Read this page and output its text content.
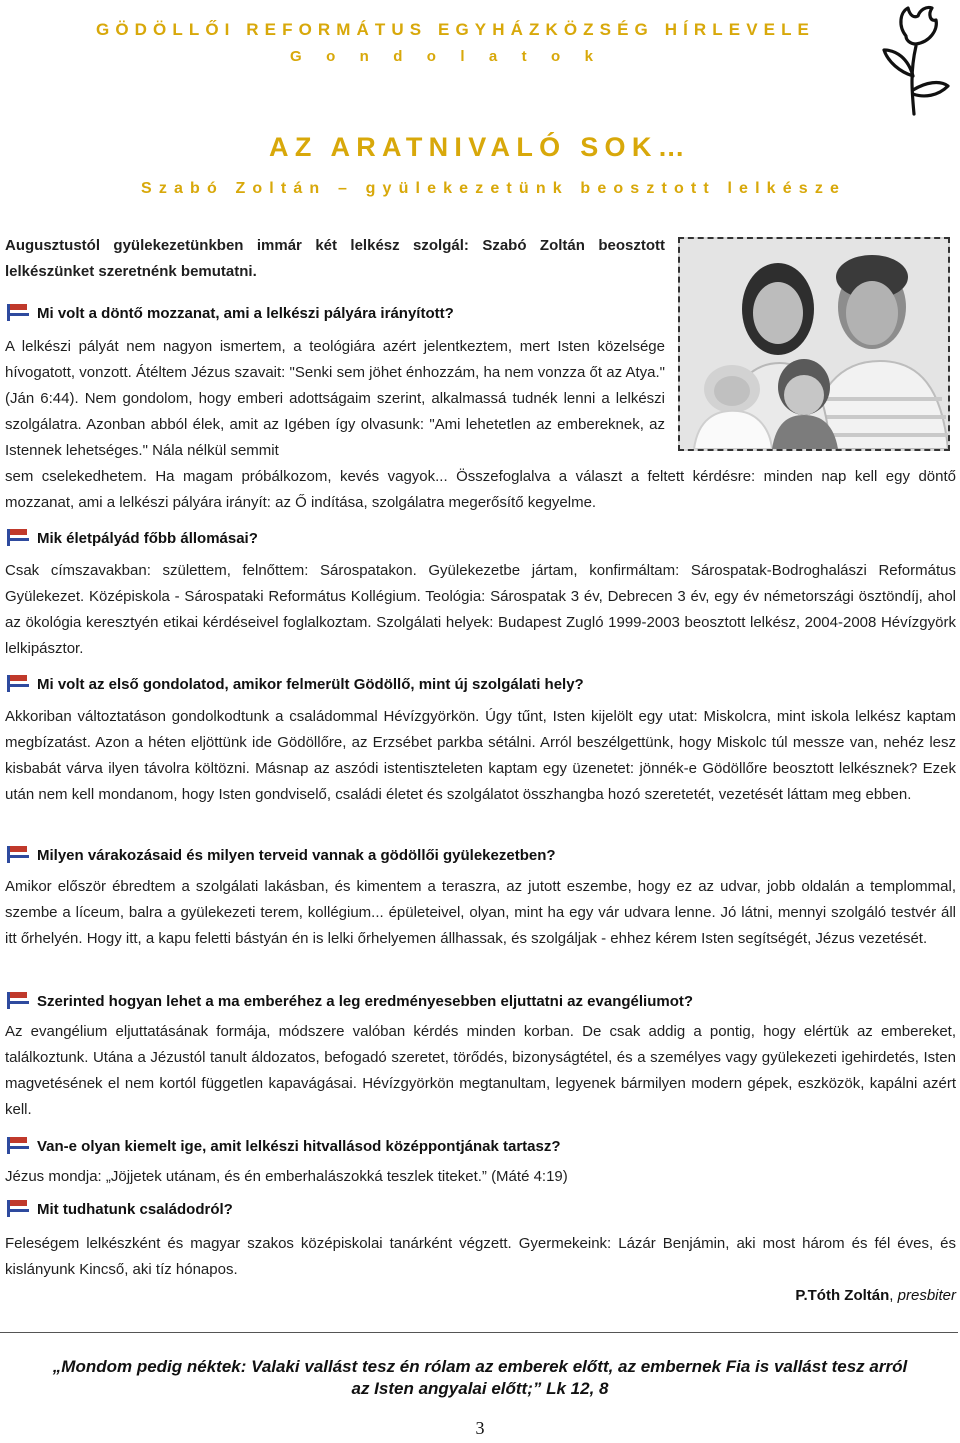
GÖDÖLLŐI REFORMÁTUS EGYHÁZKÖZSÉG HÍRLEVELE
Gondolatok
AZ ARATNIVALÓ SOK…
Szabó Zoltán – gyülekezetünk beosztott lelkésze

Augusztustól gyülekezetünkben immár két lelkész szolgál: Szabó Zoltán beosztott lelkészünket szeretnénk bemutatni.

Mi volt a döntő mozzanat, ami a lelkészi pályára irányított?

A lelkészi pályát nem nagyon ismertem, a teológiára azért jelentkeztem, mert Isten közelsége hívogatott, vonzott. Átéltem Jézus szavait: "Senki sem jöhet énhozzám, ha nem vonzza őt az Atya." (Ján 6:44). Nem gondolom, hogy emberi adottságaim szerint, alkalmassá tudnék lenni a lelkészi szolgálatra. Azonban abból élek, amit az Igében így olvasunk: "Ami lehetetlen az embereknek, az Istennek lehetséges." Nála nélkül semmit

sem cselekedhetem. Ha magam próbálkozom, kevés vagyok... Összefoglalva a választ a feltett kérdésre: minden nap kell egy döntő mozzanat, ami a lelkészi pályára irányít: az Ő indítása, szolgálatra megerősítő kegyelme.

Mik életpályád főbb állomásai?

Csak címszavakban: születtem, felnőttem: Sárospatakon. Gyülekezetbe jártam, konfirmáltam: Sárospatak-Bodroghalászi Református Gyülekezet. Középiskola - Sárospataki Református Kollégium. Teológia: Sárospatak 3 év, Debrecen 3 év, egy év németországi ösztöndíj, ahol az ökológia keresztyén etikai kérdéseivel foglalkoztam. Szolgálati helyek: Budapest Zugló 1999-2003 beosztott lelkész, 2004-2008 Hévízgyörk lelkipásztor.

Mi volt az első gondolatod, amikor felmerült Gödöllő, mint új szolgálati hely?

Akkoriban változtatáson gondolkodtunk a családommal Hévízgyörkön. Úgy tűnt, Isten kijelölt egy utat: Miskolcra, mint iskola lelkész kaptam megbízatást. Azon a héten eljöttünk ide Gödöllőre, az Erzsébet parkba sétálni. Arról beszélgettünk, hogy Miskolc túl messze van, nehéz lesz kisbabát várva ilyen távolra költözni. Másnap az aszódi istentiszteleten kaptam egy üzenetet: jönnék-e Gödöllőre beosztott lelkésznek? Ezek után nem kell mondanom, hogy Isten gondviselő, családi életet és szolgálatot összhangba hozó szeretetét, vezetését láttam meg ebben.

Milyen várakozásaid és milyen terveid vannak a gödöllői gyülekezetben?

Amikor először ébredtem a szolgálati lakásban, és kimentem a teraszra, az jutott eszembe, hogy ez az udvar, jobb oldalán a templommal, szembe a líceum, balra a gyülekezeti terem, kollégium... épületeivel, olyan, mint ha egy vár udvara lenne. Jó látni, mennyi szolgáló testvér áll itt őrhelyén. Hogy itt, a kapu feletti bástyán én is lelki őrhelyemen állhassak, és szolgáljak - ehhez kérem Isten segítségét, Jézus vezetését.

Szerinted hogyan lehet a ma emberéhez a leg eredményesebben eljuttatni az evangéliumot?

Az evangélium eljuttatásának formája, módszere valóban kérdés minden korban. De csak addig a pontig, hogy elértük az embereket, találkoztunk. Utána a Jézustól tanult áldozatos, befogadó szeretet, törődés, bizonyságtétel, és a személyes vagy gyülekezeti igehirdetés, Isten magvetésének el nem kortól független kapavágásai. Hévízgyörkön megtanultam, legyenek bármilyen modern gépek, eszközök, kapálni azért kell.

Van-e olyan kiemelt ige, amit lelkészi hitvallásod középpontjának tartasz?

Jézus mondja: „Jöjjetek utánam, és én emberhalászokká teszlek titeket.” (Máté 4:19)

Mit tudhatunk családodról?

Feleségem lelkészként és magyar szakos középiskolai tanárként végzett. Gyermekeink: Lázár Benjámin, aki most három és fél éves, és kislányunk Kincső, aki tíz hónapos.

P.Tóth Zoltán, presbiter
„Mondom pedig néktek: Valaki vallást tesz én rólam az emberek előtt, az embernek Fia is vallást tesz arról
az Isten angyalai előtt;” Lk 12, 8
3
